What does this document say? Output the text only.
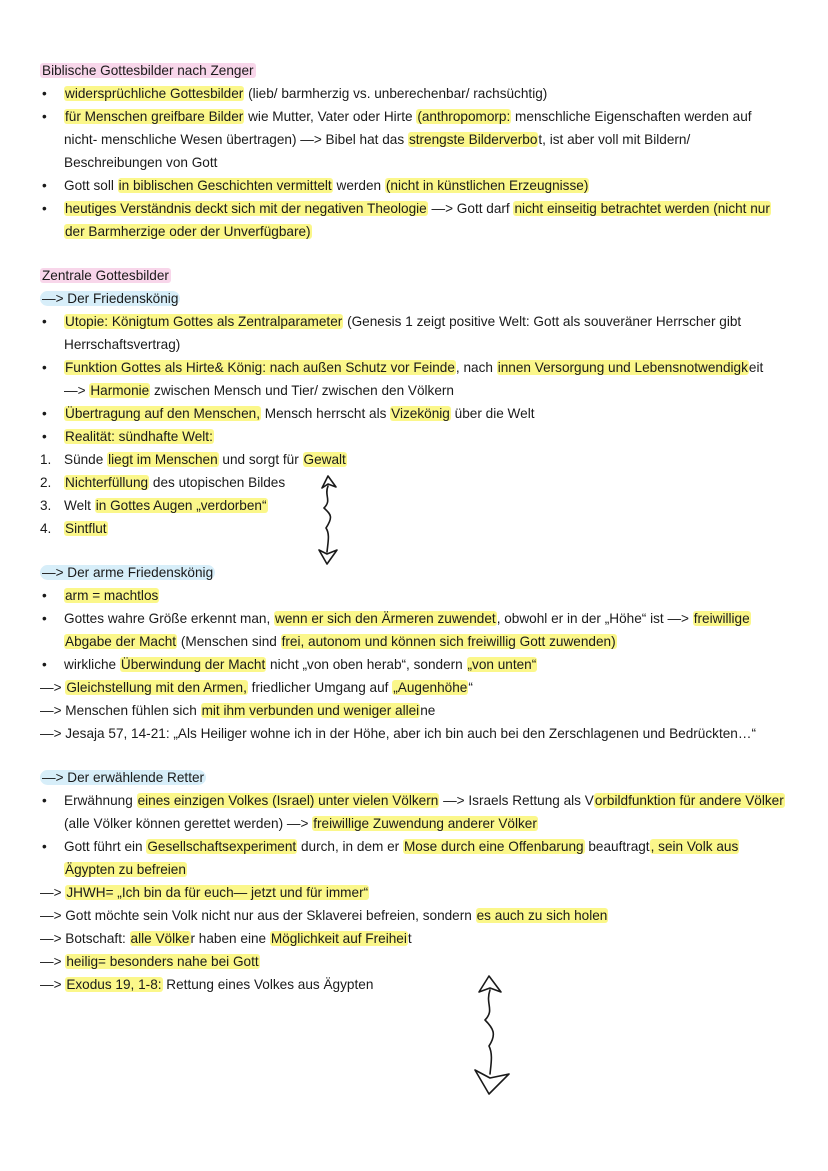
Biblische Gottesbilder nach Zenger
• widersprüchliche Gottesbilder (lieb/ barmherzig vs. unberechenbar/ rachsüchtig)
• für Menschen greifbare Bilder wie Mutter, Vater oder Hirte (anthropomorp: menschliche Eigenschaften werden auf
nicht- menschliche Wesen übertragen) —> Bibel hat das strengste Bilderverbot, ist aber voll mit Bildern/
Beschreibungen von Gott
• Gott soll in biblischen Geschichten vermittelt werden (nicht in künstlichen Erzeugnisse)
• heutiges Verständnis deckt sich mit der negativen Theologie —> Gott darf nicht einseitig betrachtet werden (nicht nur
der Barmherzige oder der Unverfügbare)
Zentrale Gottesbilder
—> Der Friedenskönig
• Utopie: Königtum Gottes als Zentralparameter (Genesis 1 zeigt positive Welt: Gott als souveräner Herrscher gibt
Herrschaftsvertrag)
• Funktion Gottes als Hirte& König: nach außen Schutz vor Feinde, nach innen Versorgung und Lebensnotwendigkeit
—> Harmonie zwischen Mensch und Tier/ zwischen den Völkern
• Übertragung auf den Menschen, Mensch herrscht als Vizekönig über die Welt
• Realität: sündhafte Welt:
1. Sünde liegt im Menschen und sorgt für Gewalt
2. Nichterfüllung des utopischen Bildes
3. Welt in Gottes Augen „verdorben“
4. Sintflut
—> Der arme Friedenskönig
• arm = machtlos
• Gottes wahre Größe erkennt man, wenn er sich den Ärmeren zuwendet, obwohl er in der „Höhe“ ist —> freiwillige
Abgabe der Macht (Menschen sind frei, autonom und können sich freiwillig Gott zuwenden)
• wirkliche Überwindung der Macht nicht „von oben herab“, sondern „von unten“
—> Gleichstellung mit den Armen, friedlicher Umgang auf „Augenhöhe“
—> Menschen fühlen sich mit ihm verbunden und weniger alleine
—> Jesaja 57, 14-21: „Als Heiliger wohne ich in der Höhe, aber ich bin auch bei den Zerschlagenen und Bedrückten…“
—> Der erwählende Retter
• Erwähnung eines einzigen Volkes (Israel) unter vielen Völkern —> Israels Rettung als Vorbildfunktion für andere Völker
(alle Völker können gerettet werden) —> freiwillige Zuwendung anderer Völker
• Gott führt ein Gesellschaftsexperiment durch, in dem er Mose durch eine Offenbarung beauftragt, sein Volk aus
Ägypten zu befreien
—> JHWH= „Ich bin da für euch— jetzt und für immer“
—> Gott möchte sein Volk nicht nur aus der Sklaverei befreien, sondern es auch zu sich holen
—> Botschaft: alle Völker haben eine Möglichkeit auf Freiheit
—> heilig= besonders nahe bei Gott
—> Exodus 19, 1-8: Rettung eines Volkes aus Ägypten
